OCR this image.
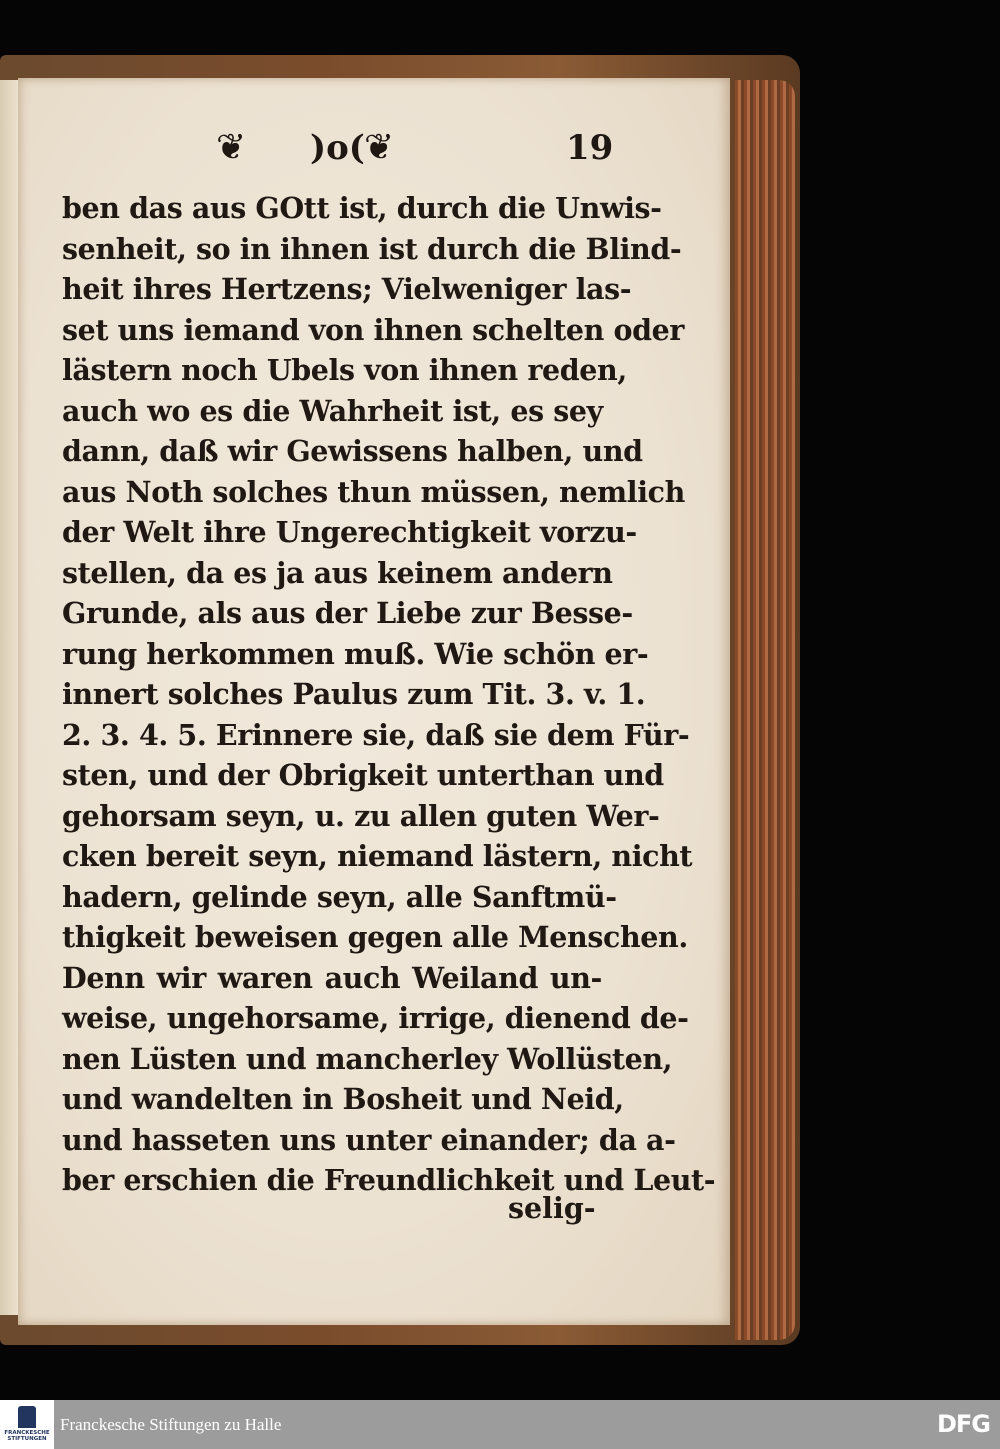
❦ )o( ❦	19
ben das aus GOtt ist, durch die Unwis-
senheit, so in ihnen ist durch die Blind-
heit ihres Hertzens; Vielweniger las-
set uns iemand von ihnen schelten oder
lästern noch Ubels von ihnen reden,
auch wo es die Wahrheit ist, es sey
dann, daß wir Gewissens halben, und
aus Noth solches thun müssen, nemlich
der Welt ihre Ungerechtigkeit vorzu-
stellen, da es ja aus keinem andern
Grunde, als aus der Liebe zur Besse-
rung herkommen muß. Wie schön er-
innert solches Paulus zum Tit. 3. v. 1.
2. 3. 4. 5. Erinnere sie, daß sie dem Für-
sten, und der Obrigkeit unterthan und
gehorsam seyn, u. zu allen guten Wer-
cken bereit seyn, niemand lästern, nicht
hadern, gelinde seyn, alle Sanftmü-
thigkeit beweisen gegen alle Menschen.
Denn wir waren auch Weiland un-
weise, ungehorsame, irrige, dienend de-
nen Lüsten und mancherley Wollüsten,
und wandelten in Bosheit und Neid,
und hasseten uns unter einander; da a-
ber erschien die Freundlichkeit und Leut-
selig-
FRANCKESCHE STIFTUNGEN
Franckesche Stiftungen zu Halle	DFG
